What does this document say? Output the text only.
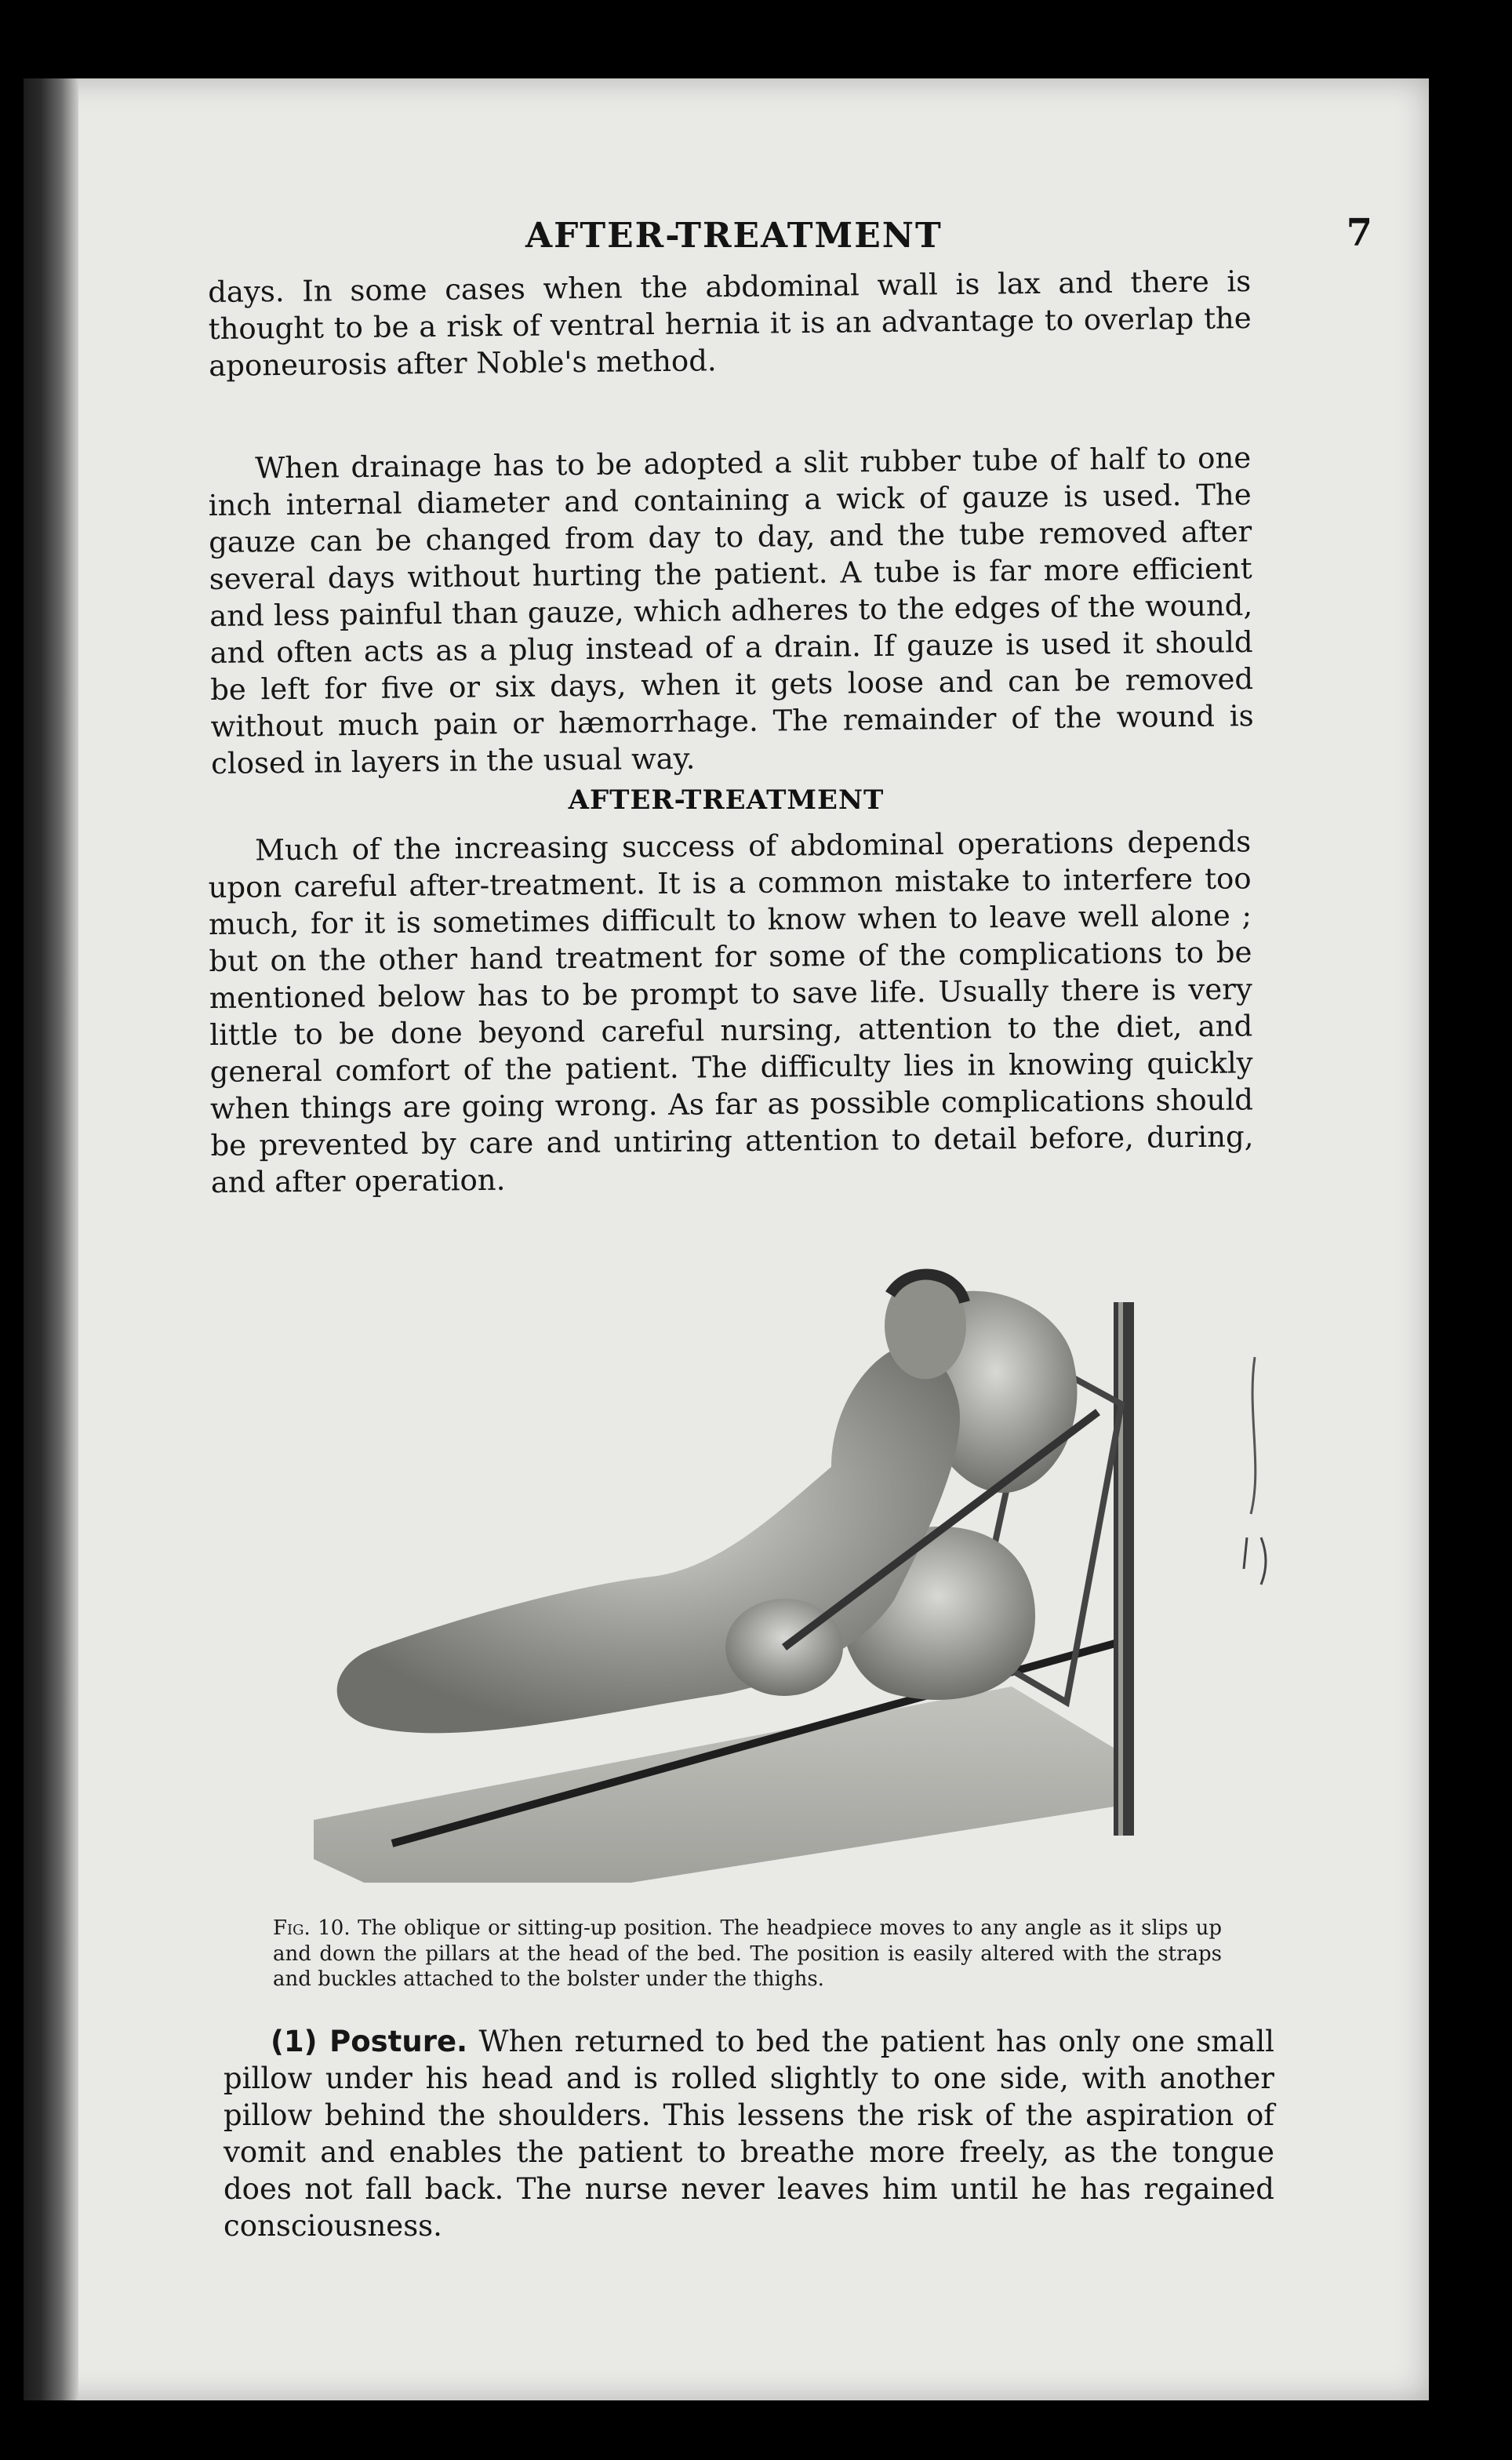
AFTER-TREATMENT	7

days. In some cases when the abdominal wall is lax and there is thought to be a risk of ventral hernia it is an advantage to overlap the aponeurosis after Noble's method.

When drainage has to be adopted a slit rubber tube of half to one inch internal diameter and containing a wick of gauze is used. The gauze can be changed from day to day, and the tube removed after several days without hurting the patient. A tube is far more efficient and less painful than gauze, which adheres to the edges of the wound, and often acts as a plug instead of a drain. If gauze is used it should be left for five or six days, when it gets loose and can be removed without much pain or hæmorrhage. The remainder of the wound is closed in layers in the usual way.

AFTER-TREATMENT

Much of the increasing success of abdominal operations depends upon careful after-treatment. It is a common mistake to interfere too much, for it is sometimes difficult to know when to leave well alone ; but on the other hand treatment for some of the complications to be mentioned below has to be prompt to save life. Usually there is very little to be done beyond careful nursing, attention to the diet, and general comfort of the patient. The difficulty lies in knowing quickly when things are going wrong. As far as possible complications should be prevented by care and untiring attention to detail before, during, and after operation.

Fig. 10. The oblique or sitting-up position. The headpiece moves to any angle as it slips up and down the pillars at the head of the bed. The position is easily altered with the straps and buckles attached to the bolster under the thighs.

(1) Posture. When returned to bed the patient has only one small pillow under his head and is rolled slightly to one side, with another pillow behind the shoulders. This lessens the risk of the aspiration of vomit and enables the patient to breathe more freely, as the tongue does not fall back. The nurse never leaves him until he has regained consciousness.
